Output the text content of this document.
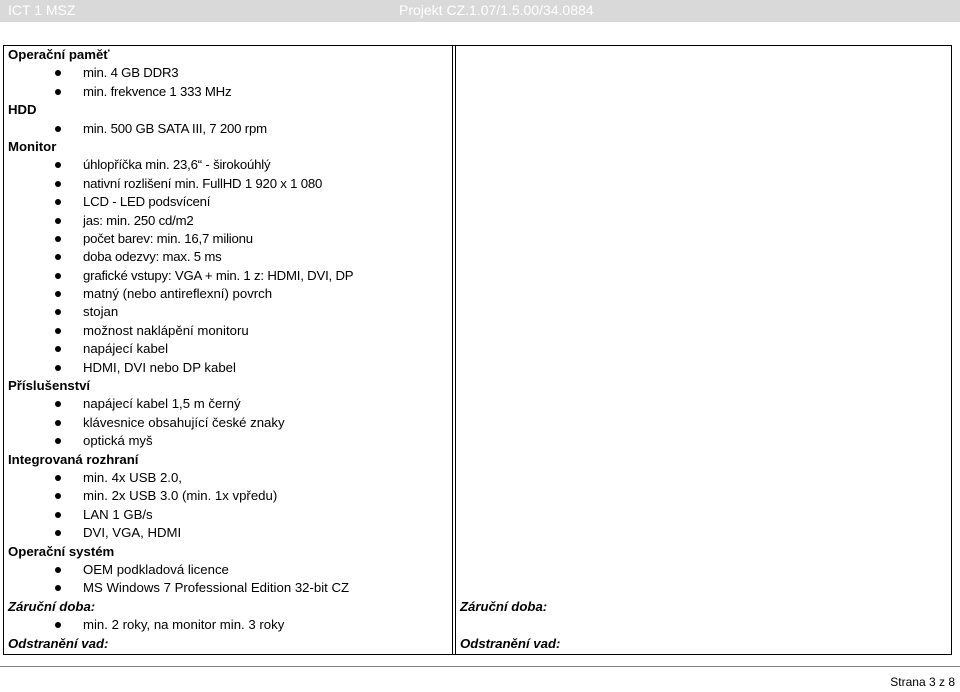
ICT 1 MSZ	Projekt CZ.1.07/1.5.00/34.0884
Operační paměť
min. 4 GB DDR3
min. frekvence 1 333 MHz
HDD
min. 500 GB SATA III, 7 200 rpm
Monitor
úhlopříčka min. 23,6“ - širokoúhlý
nativní rozlišení min. FullHD 1 920 x 1 080
LCD - LED podsvícení
jas: min. 250 cd/m2
počet barev: min. 16,7 milionu
doba odezvy: max. 5 ms
grafické vstupy: VGA + min. 1 z: HDMI, DVI, DP
matný (nebo antireflexní) povrch
stojan
možnost naklápění monitoru
napájecí kabel
HDMI, DVI nebo DP kabel
Příslušenství
napájecí kabel 1,5 m černý
klávesnice obsahující české znaky
optická myš
Integrovaná rozhraní
min. 4x USB 2.0,
min. 2x USB 3.0 (min. 1x vpředu)
LAN 1 GB/s
DVI, VGA, HDMI
Operační systém
OEM podkladová licence
MS Windows 7 Professional Edition 32-bit CZ
Záruční doba:
min. 2 roky, na monitor min. 3 roky
Odstranění vad:
Záruční doba:
Odstranění vad:
Strana 3 z 8
